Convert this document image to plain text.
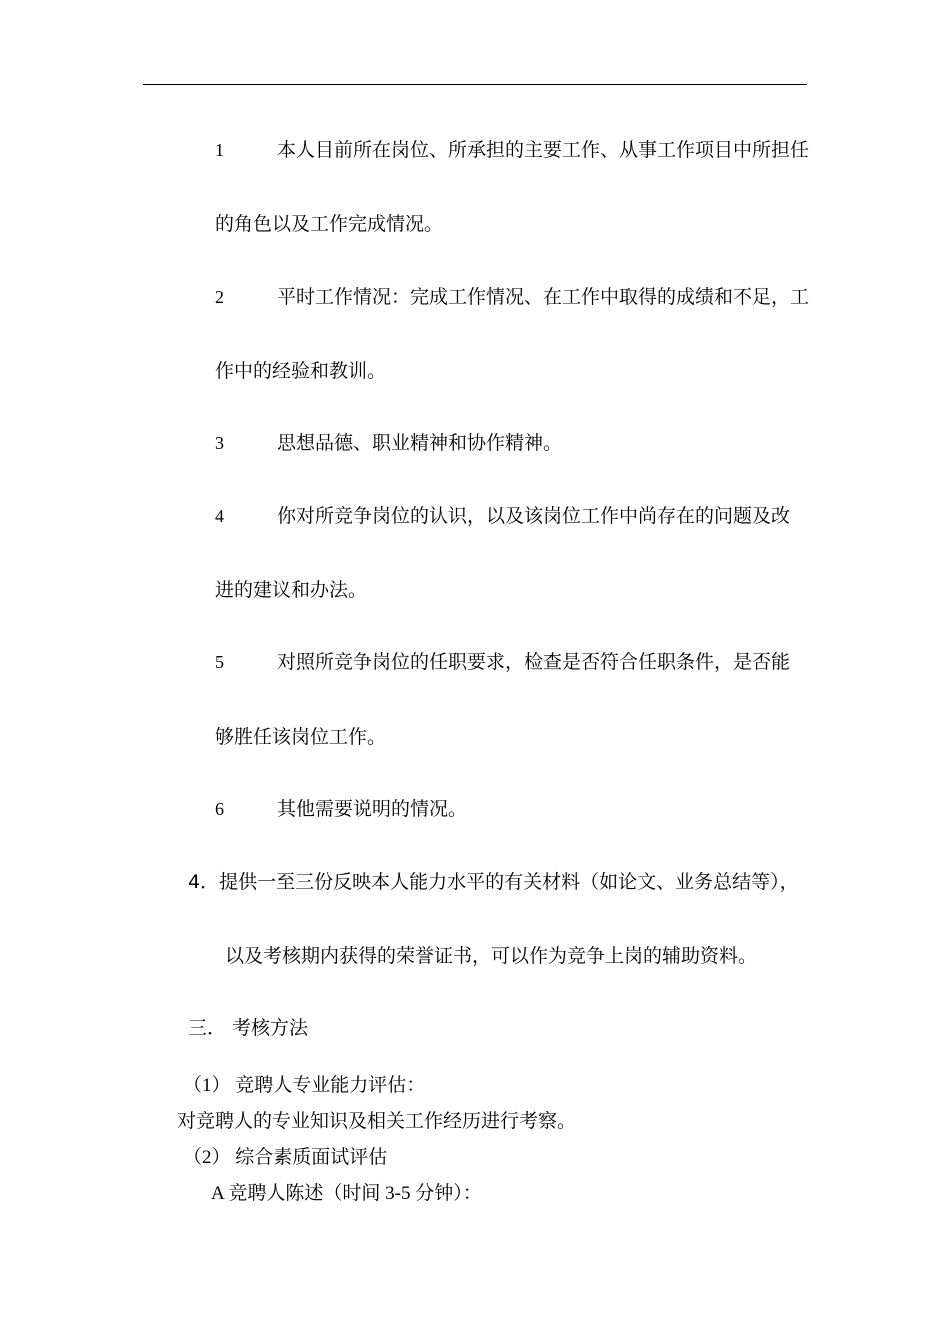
1	本人目前所在岗位、所承担的主要工作、从事工作项目中所担任
的角色以及工作完成情况。
2	平时工作情况：完成工作情况、在工作中取得的成绩和不足，工
作中的经验和教训。
3	思想品德、职业精神和协作精神。
4	你对所竞争岗位的认识，以及该岗位工作中尚存在的问题及改
进的建议和办法。
5	对照所竞争岗位的任职要求，检查是否符合任职条件，是否能
够胜任该岗位工作。
6	其他需要说明的情况。
4．提供一至三份反映本人能力水平的有关材料（如论文、业务总结等），
以及考核期内获得的荣誉证书，可以作为竞争上岗的辅助资料。
三． 考核方法
（1） 竞聘人专业能力评估：
对竞聘人的专业知识及相关工作经历进行考察。
（2） 综合素质面试评估
A 竞聘人陈述（时间 3-5 分钟）：
